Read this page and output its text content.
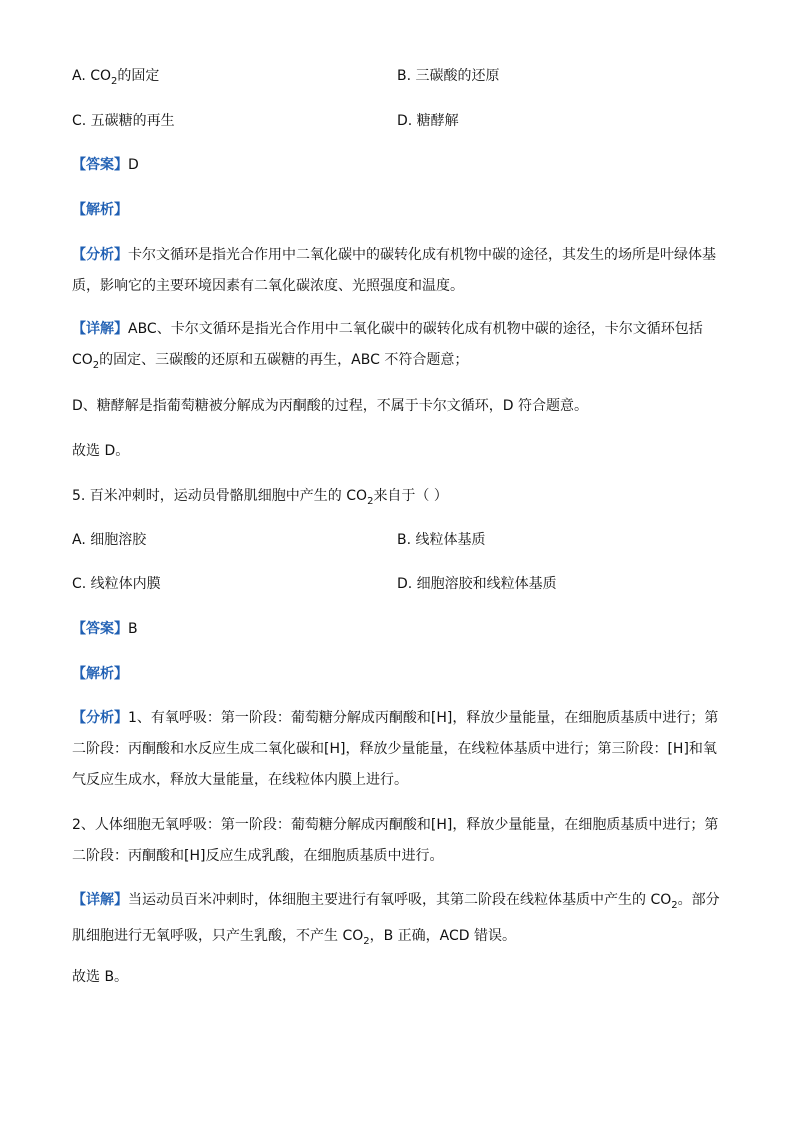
A. $CO_2$的固定	B. 三碳酸的还原
C. 五碳糖的再生	D. 糖酵解
【答案】D
【解析】

【分析】卡尔文循环是指光合作用中二氧化碳中的碳转化成有机物中碳的途径，其发生的场所是叶绿体基质，影响它的主要环境因素有二氧化碳浓度、光照强度和温度。

【详解】ABC、卡尔文循环是指光合作用中二氧化碳中的碳转化成有机物中碳的途径，卡尔文循环包括$CO_2$的固定、三碳酸的还原和五碳糖的再生，ABC 不符合题意；

D、糖酵解是指葡萄糖被分解成为丙酮酸的过程，不属于卡尔文循环，D 符合题意。

故选 D。

5. 百米冲刺时，运动员骨骼肌细胞中产生的 $CO_2$来自于（ ）

A. 细胞溶胶	B. 线粒体基质
C. 线粒体内膜	D. 细胞溶胶和线粒体基质
【答案】B
【解析】

【分析】1、有氧呼吸：第一阶段：葡萄糖分解成丙酮酸和[H]，释放少量能量，在细胞质基质中进行；第二阶段：丙酮酸和水反应生成二氧化碳和[H]，释放少量能量，在线粒体基质中进行；第三阶段：[H]和氧气反应生成水，释放大量能量，在线粒体内膜上进行。

2、人体细胞无氧呼吸：第一阶段：葡萄糖分解成丙酮酸和[H]，释放少量能量，在细胞质基质中进行；第二阶段：丙酮酸和[H]反应生成乳酸，在细胞质基质中进行。

【详解】当运动员百米冲刺时，体细胞主要进行有氧呼吸，其第二阶段在线粒体基质中产生的 $CO_2$。部分肌细胞进行无氧呼吸，只产生乳酸，不产生 $CO_2$，B 正确，ACD 错误。

故选 B。
